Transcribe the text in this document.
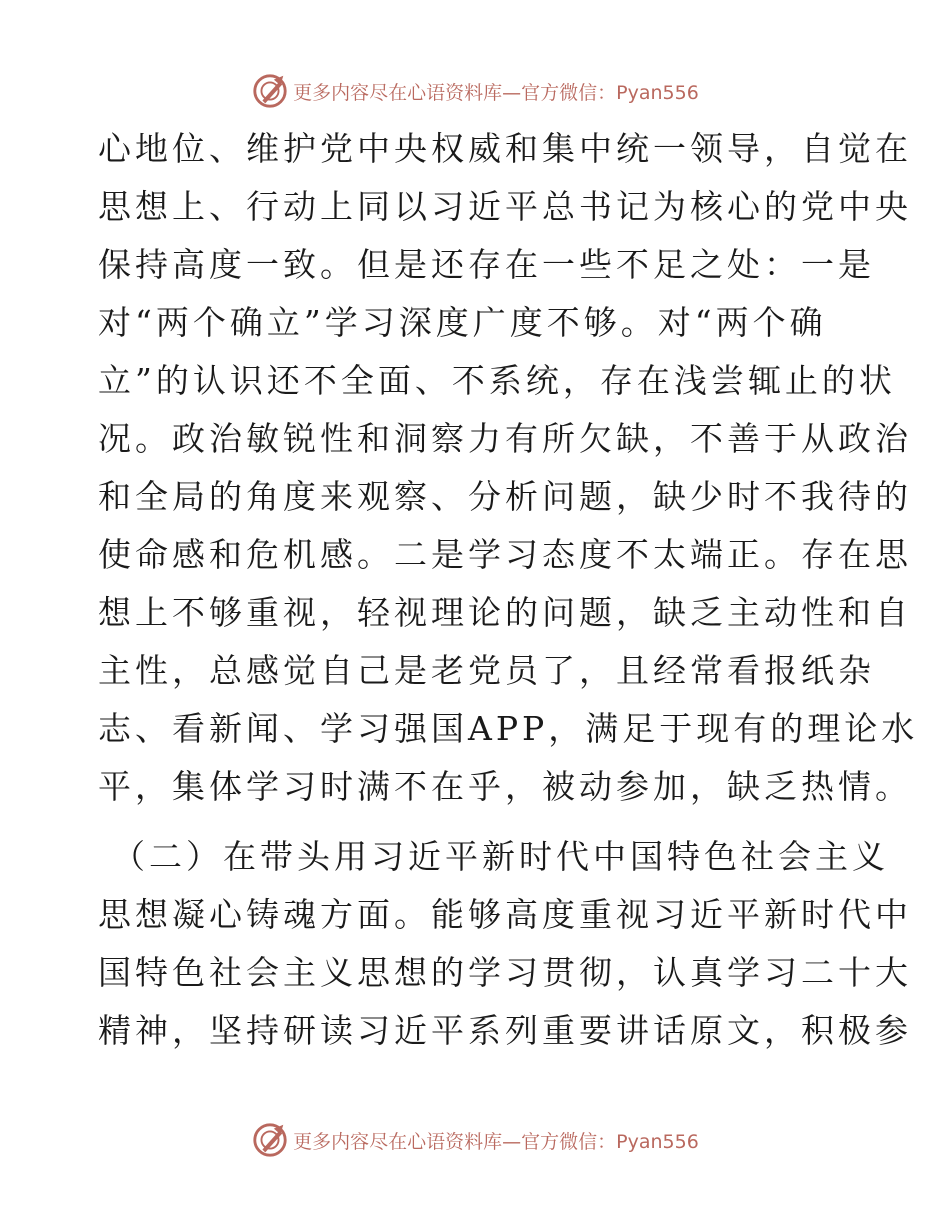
更多内容尽在心语资料库—官方微信：Pyan556
心地位、维护党中央权威和集中统一领导，自觉在
思想上、行动上同以习近平总书记为核心的党中央
保持高度一致。但是还存在一些不足之处：一是
对“两个确立”学习深度广度不够。对“两个确
立”的认识还不全面、不系统，存在浅尝辄止的状
况。政治敏锐性和洞察力有所欠缺，不善于从政治
和全局的角度来观察、分析问题，缺少时不我待的
使命感和危机感。二是学习态度不太端正。存在思
想上不够重视，轻视理论的问题，缺乏主动性和自
主性，总感觉自己是老党员了，且经常看报纸杂
志、看新闻、学习强国APP，满足于现有的理论水
平，集体学习时满不在乎，被动参加，缺乏热情。
（二）在带头用习近平新时代中国特色社会主义
思想凝心铸魂方面。能够高度重视习近平新时代中
国特色社会主义思想的学习贯彻，认真学习二十大
精神，坚持研读习近平系列重要讲话原文，积极参
更多内容尽在心语资料库—官方微信：Pyan556
